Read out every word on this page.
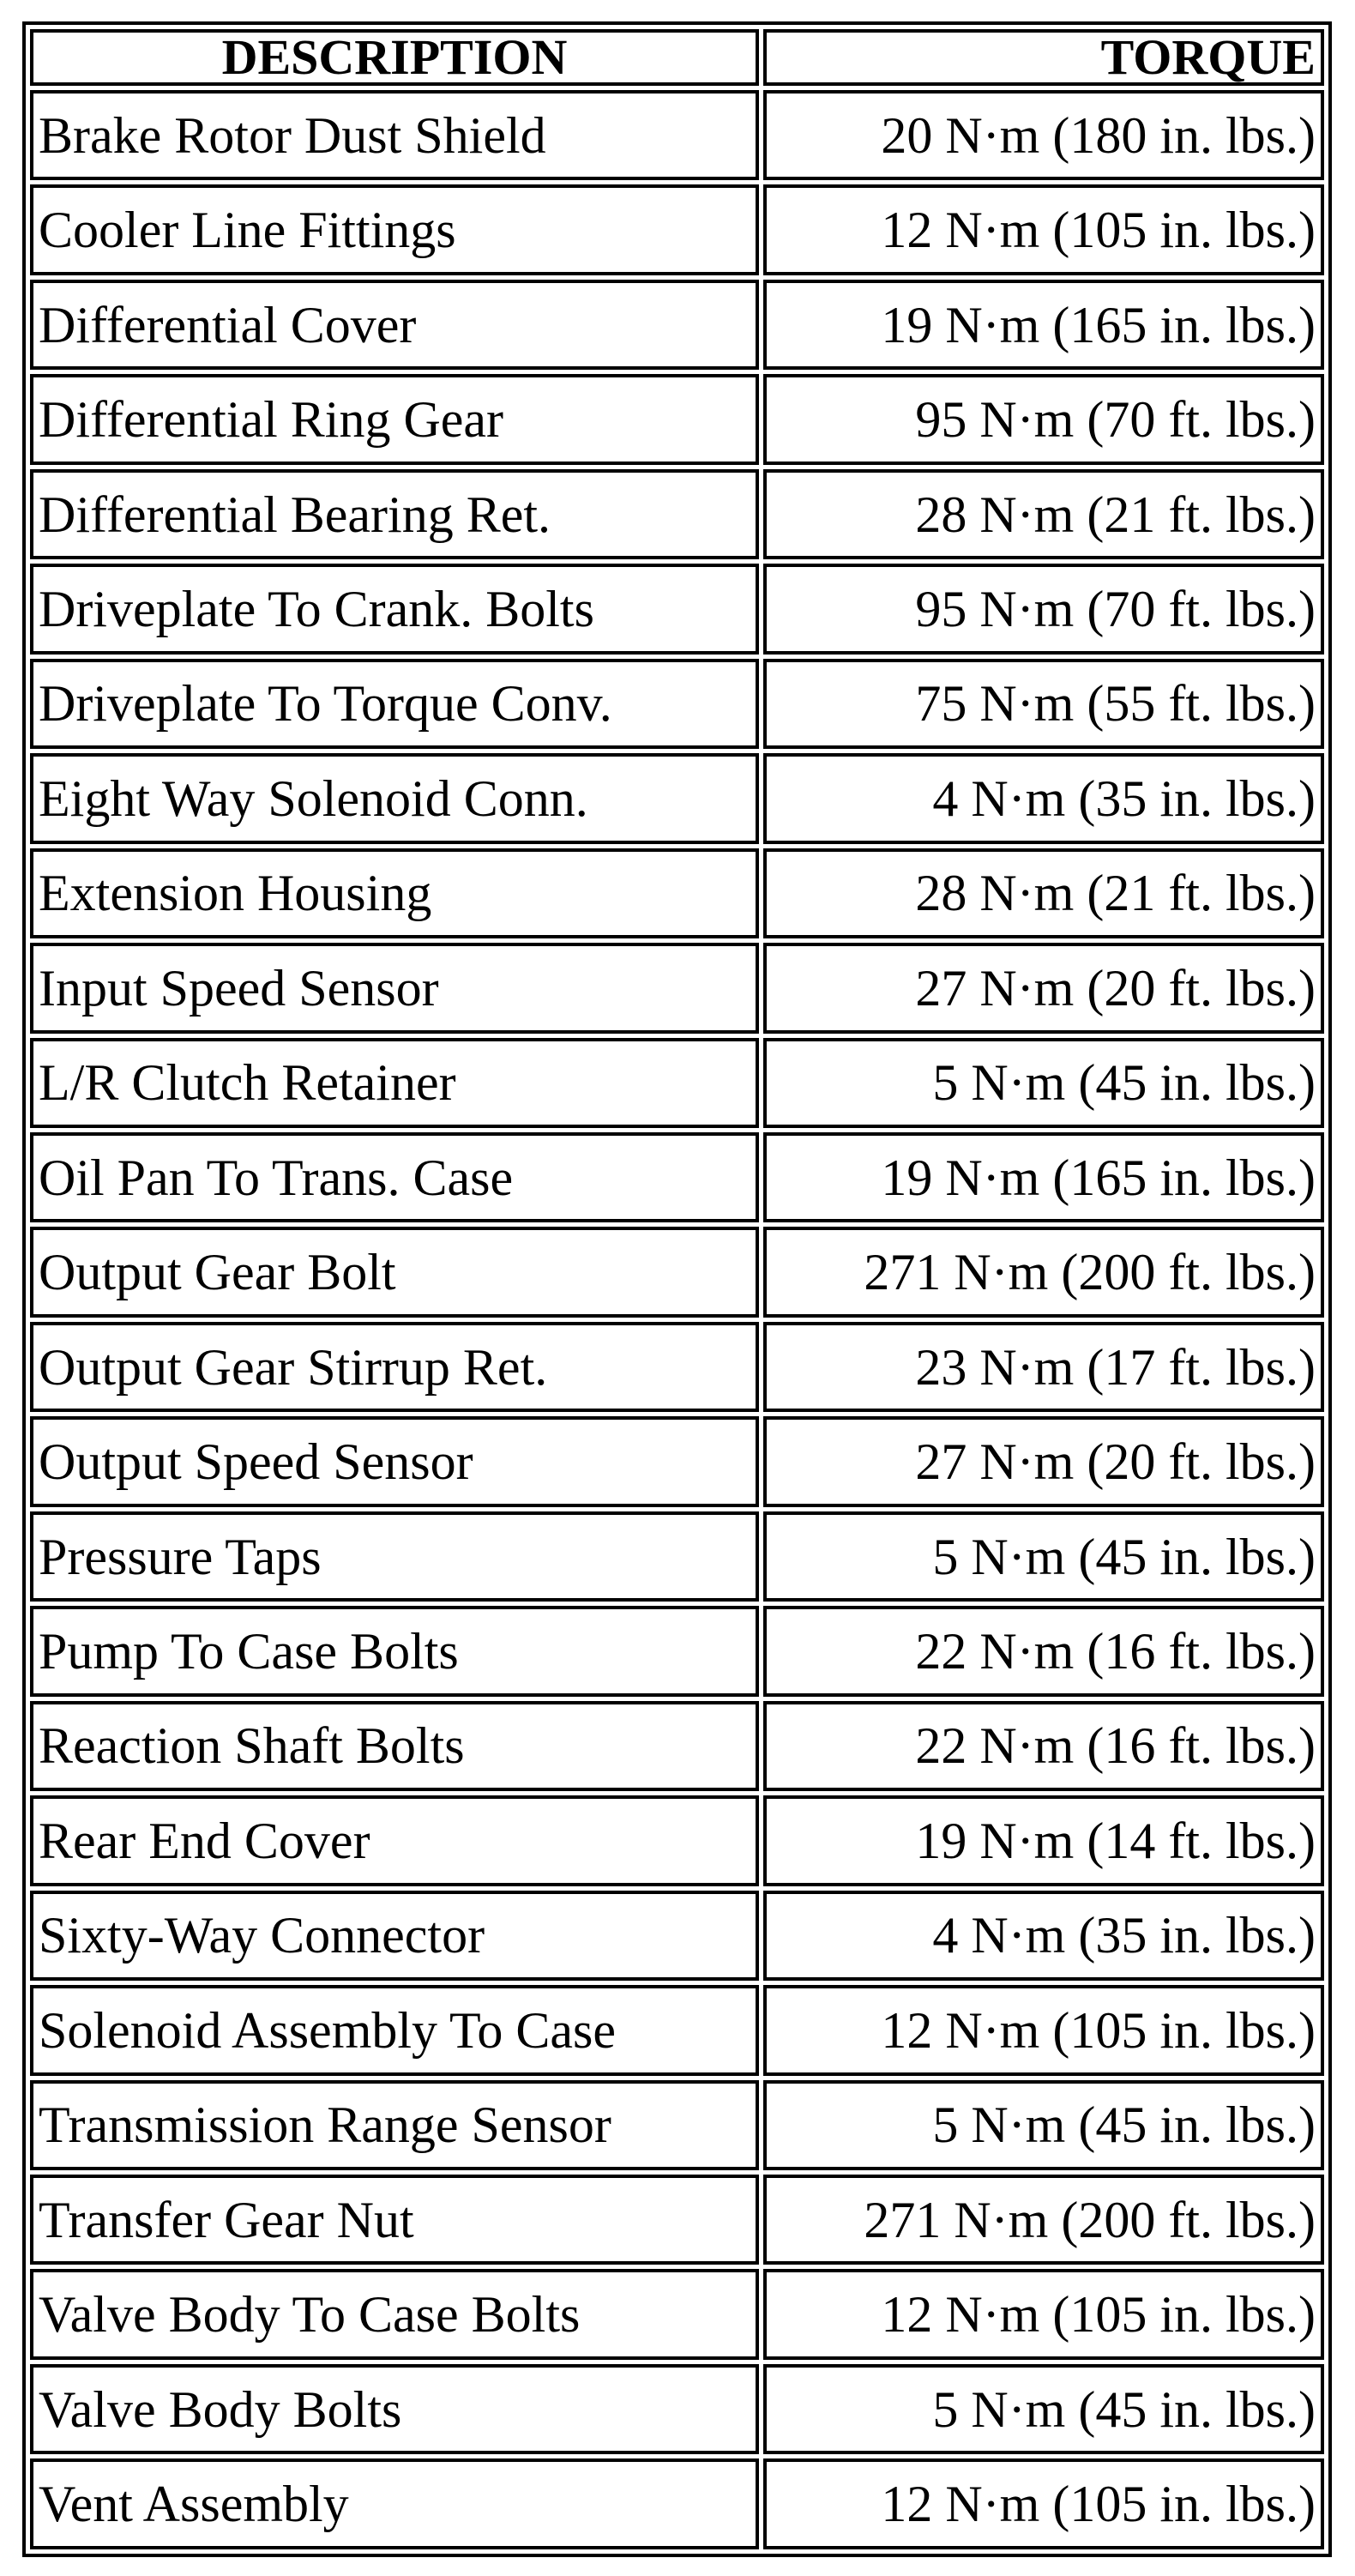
DESCRIPTION	TORQUE
Brake Rotor Dust Shield	20 N·m (180 in. lbs.)
Cooler Line Fittings	12 N·m (105 in. lbs.)
Differential Cover	19 N·m (165 in. lbs.)
Differential Ring Gear	95 N·m (70 ft. lbs.)
Differential Bearing Ret.	28 N·m (21 ft. lbs.)
Driveplate To Crank. Bolts	95 N·m (70 ft. lbs.)
Driveplate To Torque Conv.	75 N·m (55 ft. lbs.)
Eight Way Solenoid Conn.	4 N·m (35 in. lbs.)
Extension Housing	28 N·m (21 ft. lbs.)
Input Speed Sensor	27 N·m (20 ft. lbs.)
L/R Clutch Retainer	5 N·m (45 in. lbs.)
Oil Pan To Trans. Case	19 N·m (165 in. lbs.)
Output Gear Bolt	271 N·m (200 ft. lbs.)
Output Gear Stirrup Ret.	23 N·m (17 ft. lbs.)
Output Speed Sensor	27 N·m (20 ft. lbs.)
Pressure Taps	5 N·m (45 in. lbs.)
Pump To Case Bolts	22 N·m (16 ft. lbs.)
Reaction Shaft Bolts	22 N·m (16 ft. lbs.)
Rear End Cover	19 N·m (14 ft. lbs.)
Sixty-Way Connector	4 N·m (35 in. lbs.)
Solenoid Assembly To Case	12 N·m (105 in. lbs.)
Transmission Range Sensor	5 N·m (45 in. lbs.)
Transfer Gear Nut	271 N·m (200 ft. lbs.)
Valve Body To Case Bolts	12 N·m (105 in. lbs.)
Valve Body Bolts	5 N·m (45 in. lbs.)
Vent Assembly	12 N·m (105 in. lbs.)
